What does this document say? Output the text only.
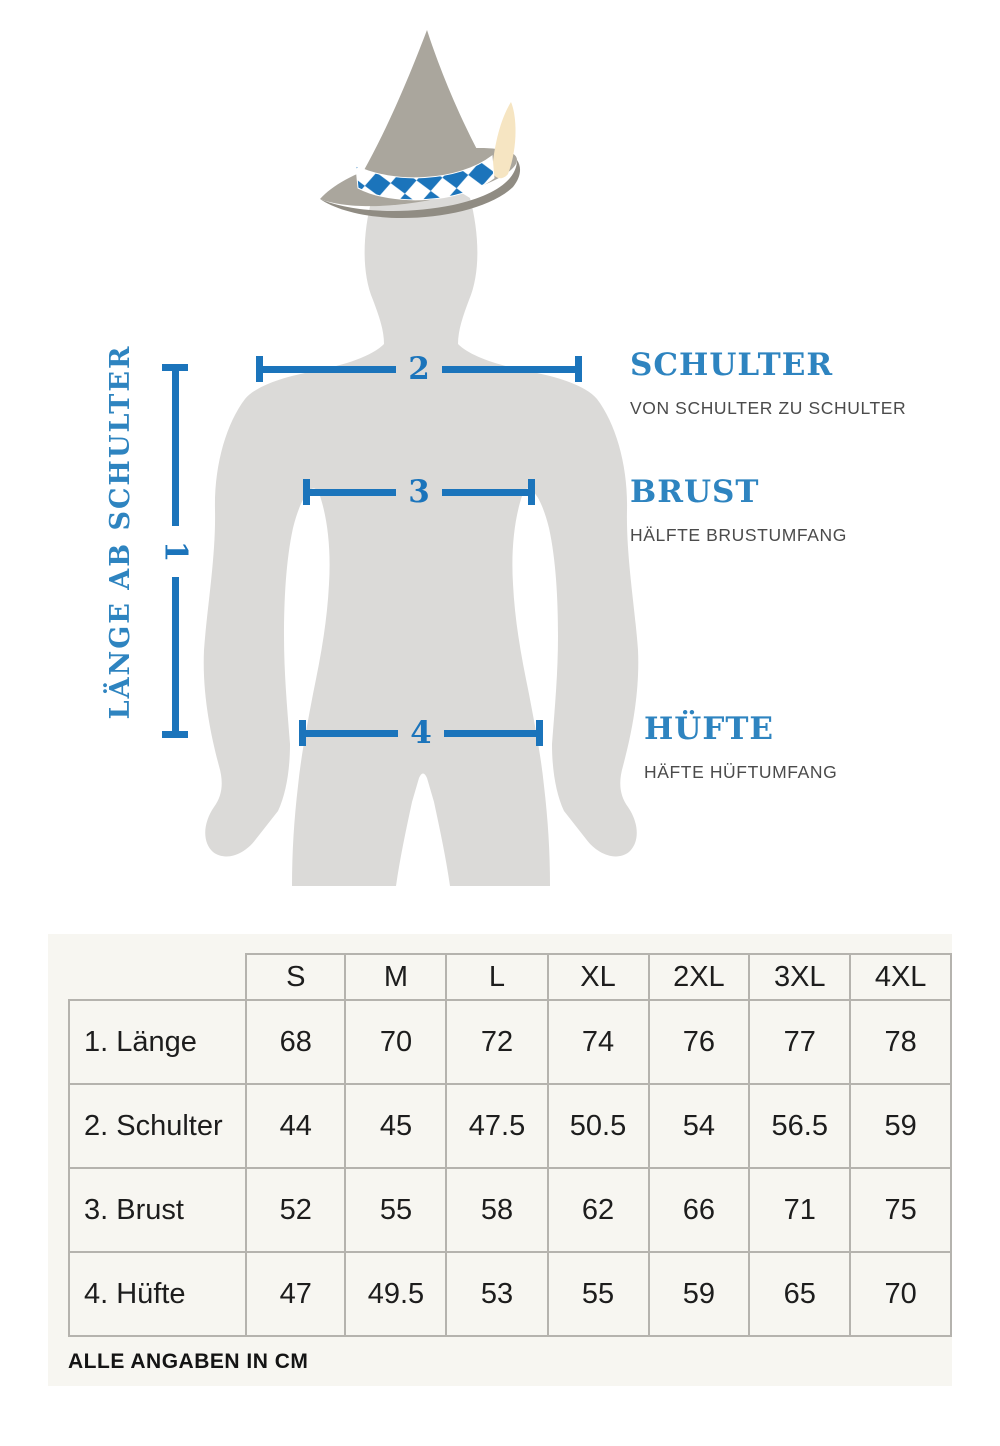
1
2
3
4
LÄNGE AB SCHULTER	SCHULTER
VON SCHULTER ZU SCHULTER
BRUST
HÄLFTE BRUSTUMFANG
HÜFTE
HÄFTE HÜFTUMFANG
	S	M	L	XL	2XL	3XL	4XL
1. Länge	68	70	72	74	76	77	78
2. Schulter	44	45	47.5	50.5	54	56.5	59
3. Brust	52	55	58	62	66	71	75
4. Hüfte	47	49.5	53	55	59	65	70
ALLE ANGABEN IN CM
